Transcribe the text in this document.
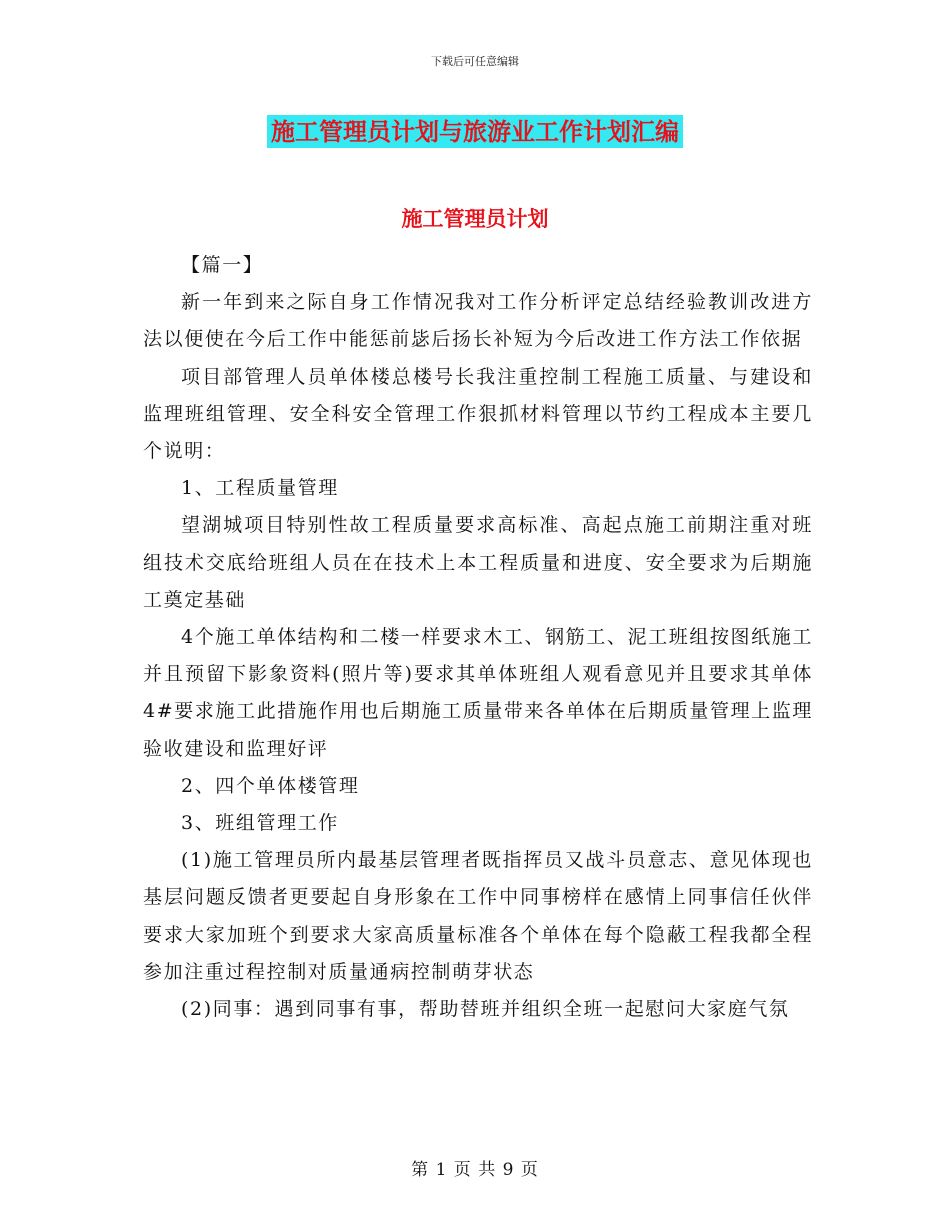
下载后可任意编辑
施工管理员计划与旅游业工作计划汇编
施工管理员计划

【篇一】

新一年到来之际自身工作情况我对工作分析评定总结经验教训改进方法以便使在今后工作中能惩前毖后扬长补短为今后改进工作方法工作依据

项目部管理人员单体楼总楼号长我注重控制工程施工质量、与建设和监理班组管理、安全科安全管理工作狠抓材料管理以节约工程成本主要几个说明：

1、工程质量管理

望湖城项目特别性故工程质量要求高标准、高起点施工前期注重对班组技术交底给班组人员在在技术上本工程质量和进度、安全要求为后期施工奠定基础

4个施工单体结构和二楼一样要求木工、钢筋工、泥工班组按图纸施工并且预留下影象资料(照片等)要求其单体班组人观看意见并且要求其单体4#要求施工此措施作用也后期施工质量带来各单体在后期质量管理上监理验收建设和监理好评

2、四个单体楼管理

3、班组管理工作

(1)施工管理员所内最基层管理者既指挥员又战斗员意志、意见体现也基层问题反馈者更要起自身形象在工作中同事榜样在感情上同事信任伙伴要求大家加班个到要求大家高质量标准各个单体在每个隐蔽工程我都全程参加注重过程控制对质量通病控制萌芽状态

(2)同事：遇到同事有事，帮助替班并组织全班一起慰问大家庭气氛

第 1 页 共 9 页
